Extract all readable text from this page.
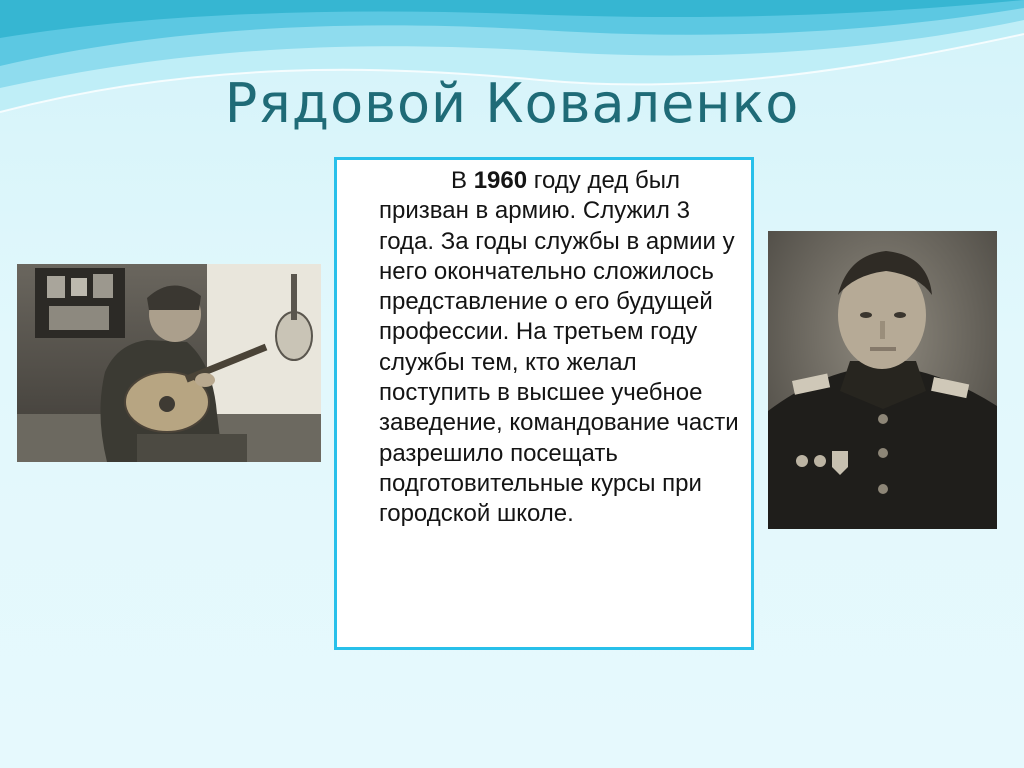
Рядовой Коваленко
В 1960 году дед был призван в армию. Служил 3 года. За годы службы в армии у него окончательно сложилось представление о его будущей профессии. На третьем году службы тем, кто желал поступить в высшее учебное заведение, командование части разрешило посещать подготовительные курсы при городской школе.
